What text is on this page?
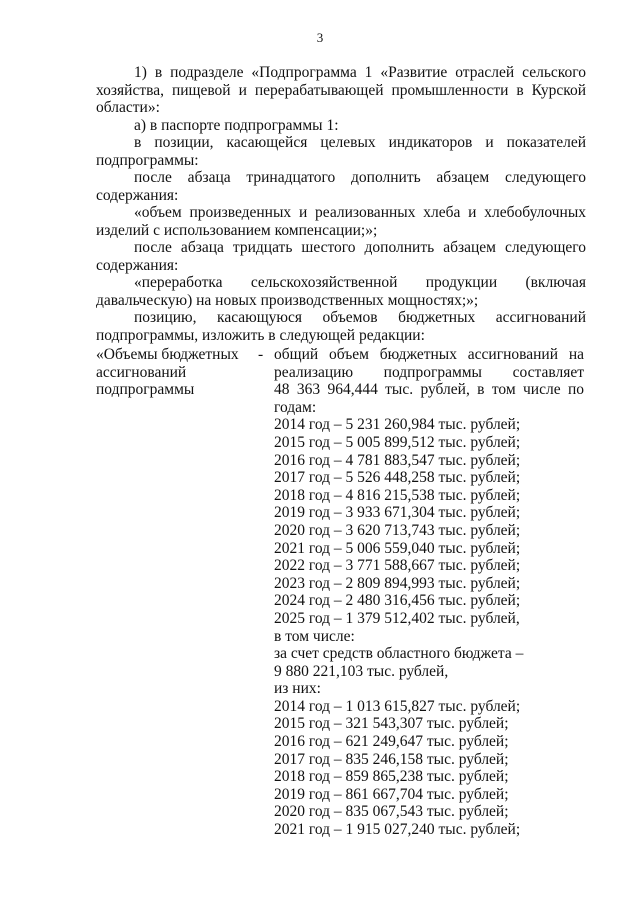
3
1) в подразделе «Подпрограмма 1 «Развитие отраслей сельского
хозяйства, пищевой и перерабатывающей промышленности в Курской
области»:
а) в паспорте подпрограммы 1:
в позиции, касающейся целевых индикаторов и показателей
подпрограммы:
после абзаца тринадцатого дополнить абзацем следующего
содержания:
«объем произведенных и реализованных хлеба и хлебобулочных
изделий с использованием компенсации;»;
после абзаца тридцать шестого дополнить абзацем следующего
содержания:
«переработка сельскохозяйственной продукции (включая
давальческую) на новых производственных мощностях;»;
позицию, касающуюся объемов бюджетных ассигнований
подпрограммы, изложить в следующей редакции:
«Объемы бюджетных
ассигнований
подпрограммы
- общий объем бюджетных ассигнований на
реализацию подпрограммы составляет
48 363 964,444 тыс. рублей, в том числе по
годам:
2014 год – 5 231 260,984 тыс. рублей;
2015 год – 5 005 899,512 тыс. рублей;
2016 год – 4 781 883,547 тыс. рублей;
2017 год – 5 526 448,258 тыс. рублей;
2018 год – 4 816 215,538 тыс. рублей;
2019 год – 3 933 671,304 тыс. рублей;
2020 год – 3 620 713,743 тыс. рублей;
2021 год – 5 006 559,040 тыс. рублей;
2022 год – 3 771 588,667 тыс. рублей;
2023 год – 2 809 894,993 тыс. рублей;
2024 год – 2 480 316,456 тыс. рублей;
2025 год – 1 379 512,402 тыс. рублей,
в том числе:
за счет средств областного бюджета –
9 880 221,103 тыс. рублей,
из них:
2014 год – 1 013 615,827 тыс. рублей;
2015 год – 321 543,307 тыс. рублей;
2016 год – 621 249,647 тыс. рублей;
2017 год – 835 246,158 тыс. рублей;
2018 год – 859 865,238 тыс. рублей;
2019 год – 861 667,704 тыс. рублей;
2020 год – 835 067,543 тыс. рублей;
2021 год – 1 915 027,240 тыс. рублей;
